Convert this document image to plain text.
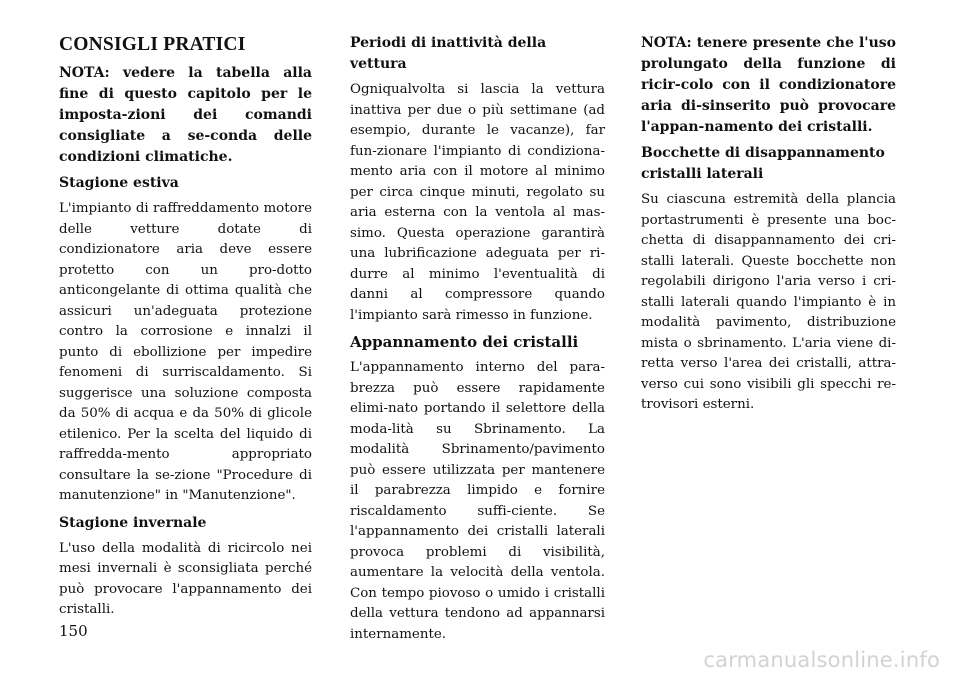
CONSIGLI PRATICI
NOTA: vedere la tabella alla fine di questo capitolo per le imposta-zioni dei comandi consigliate a se-conda delle condizioni climatiche.
Stagione estiva
L'impianto di raffreddamento motore delle vetture dotate di condizionatore aria deve essere protetto con un pro-dotto anticongelante di ottima qualità che assicuri un'adeguata protezione contro la corrosione e innalzi il punto di ebollizione per impedire fenomeni di surriscaldamento. Si suggerisce una soluzione composta da 50% di acqua e da 50% di glicole etilenico. Per la scelta del liquido di raffredda-mento appropriato consultare la se-zione "Procedure di manutenzione" in "Manutenzione".
Stagione invernale
L'uso della modalità di ricircolo nei mesi invernali è sconsigliata perché può provocare l'appannamento dei cristalli.
Periodi di inattività della vettura
Ogniqualvolta si lascia la vettura inattiva per due o più settimane (ad esempio, durante le vacanze), far fun-zionare l'impianto di condiziona-mento aria con il motore al minimo per circa cinque minuti, regolato su aria esterna con la ventola al mas-simo. Questa operazione garantirà una lubrificazione adeguata per ri-durre al minimo l'eventualità di danni al compressore quando l'impianto sarà rimesso in funzione.
Appannamento dei cristalli
L'appannamento interno del para-brezza può essere rapidamente elimi-nato portando il selettore della moda-lità su Sbrinamento. La modalità Sbrinamento/pavimento può essere utilizzata per mantenere il parabrezza limpido e fornire riscaldamento suffi-ciente. Se l'appannamento dei cristalli laterali provoca problemi di visibilità, aumentare la velocità della ventola. Con tempo piovoso o umido i cristalli della vettura tendono ad appannarsi internamente.
NOTA: tenere presente che l'uso prolungato della funzione di ricir-colo con il condizionatore aria di-sinserito può provocare l'appan-namento dei cristalli.
Bocchette di disappannamento cristalli laterali
Su ciascuna estremità della plancia portastrumenti è presente una boc-chetta di disappannamento dei cri-stalli laterali. Queste bocchette non regolabili dirigono l'aria verso i cri-stalli laterali quando l'impianto è in modalità pavimento, distribuzione mista o sbrinamento. L'aria viene di-retta verso l'area dei cristalli, attra-verso cui sono visibili gli specchi re-trovisori esterni.
150
carmanualsonline.info
